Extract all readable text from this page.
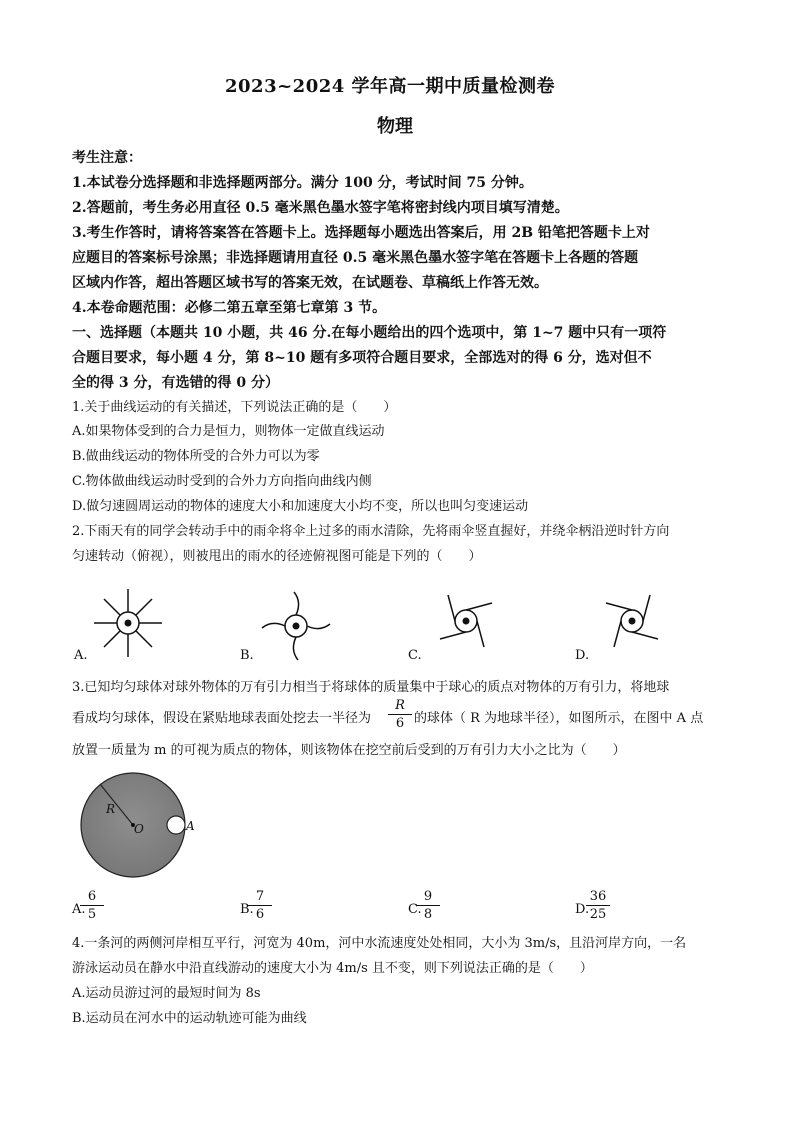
2023~2024 学年高一期中质量检测卷
物理
考生注意：
1.本试卷分选择题和非选择题两部分。满分 100 分，考试时间 75 分钟。
2.答题前，考生务必用直径 0.5 毫米黑色墨水签字笔将密封线内项目填写清楚。
3.考生作答时，请将答案答在答题卡上。选择题每小题选出答案后，用 2B 铅笔把答题卡上对
应题目的答案标号涂黑；非选择题请用直径 0.5 毫米黑色墨水签字笔在答题卡上各题的答题
区域内作答，超出答题区域书写的答案无效，在试题卷、草稿纸上作答无效。
4.本卷命题范围：必修二第五章至第七章第 3 节。
一、选择题（本题共 10 小题，共 46 分.在每小题给出的四个选项中，第 1~7 题中只有一项符
合题目要求，每小题 4 分，第 8~10 题有多项符合题目要求，全部选对的得 6 分，选对但不
全的得 3 分，有选错的得 0 分）
1.关于曲线运动的有关描述，下列说法正确的是（　　）
A.如果物体受到的合力是恒力，则物体一定做直线运动
B.做曲线运动的物体所受的合外力可以为零
C.物体做曲线运动时受到的合外力方向指向曲线内侧
D.做匀速圆周运动的物体的速度大小和加速度大小均不变，所以也叫匀变速运动
2.下雨天有的同学会转动手中的雨伞将伞上过多的雨水清除，先将雨伞竖直握好，并绕伞柄沿逆时针方向
匀速转动（俯视），则被甩出的雨水的径迹俯视图可能是下列的（　　）
A.	B.	C.	D.
3.已知均匀球体对球外物体的万有引力相当于将球体的质量集中于球心的质点对物体的万有引力，将地球
看成均匀球体，假设在紧贴地球表面处挖去一半径为
R
6 的球体（ R 为地球半径），如图所示，在图中 A 点
放置一质量为 m 的可视为质点的物体，则该物体在挖空前后受到的万有引力大小之比为（　　）
R
O	A
A.
6
5	B.
7
6	C.
9
8	D.
36
25
4.一条河的两侧河岸相互平行，河宽为 40m，河中水流速度处处相同，大小为 3m/s，且沿河岸方向，一名
游泳运动员在静水中沿直线游动的速度大小为 4m/s 且不变，则下列说法正确的是（　　）
A.运动员游过河的最短时间为 8s
B.运动员在河水中的运动轨迹可能为曲线
